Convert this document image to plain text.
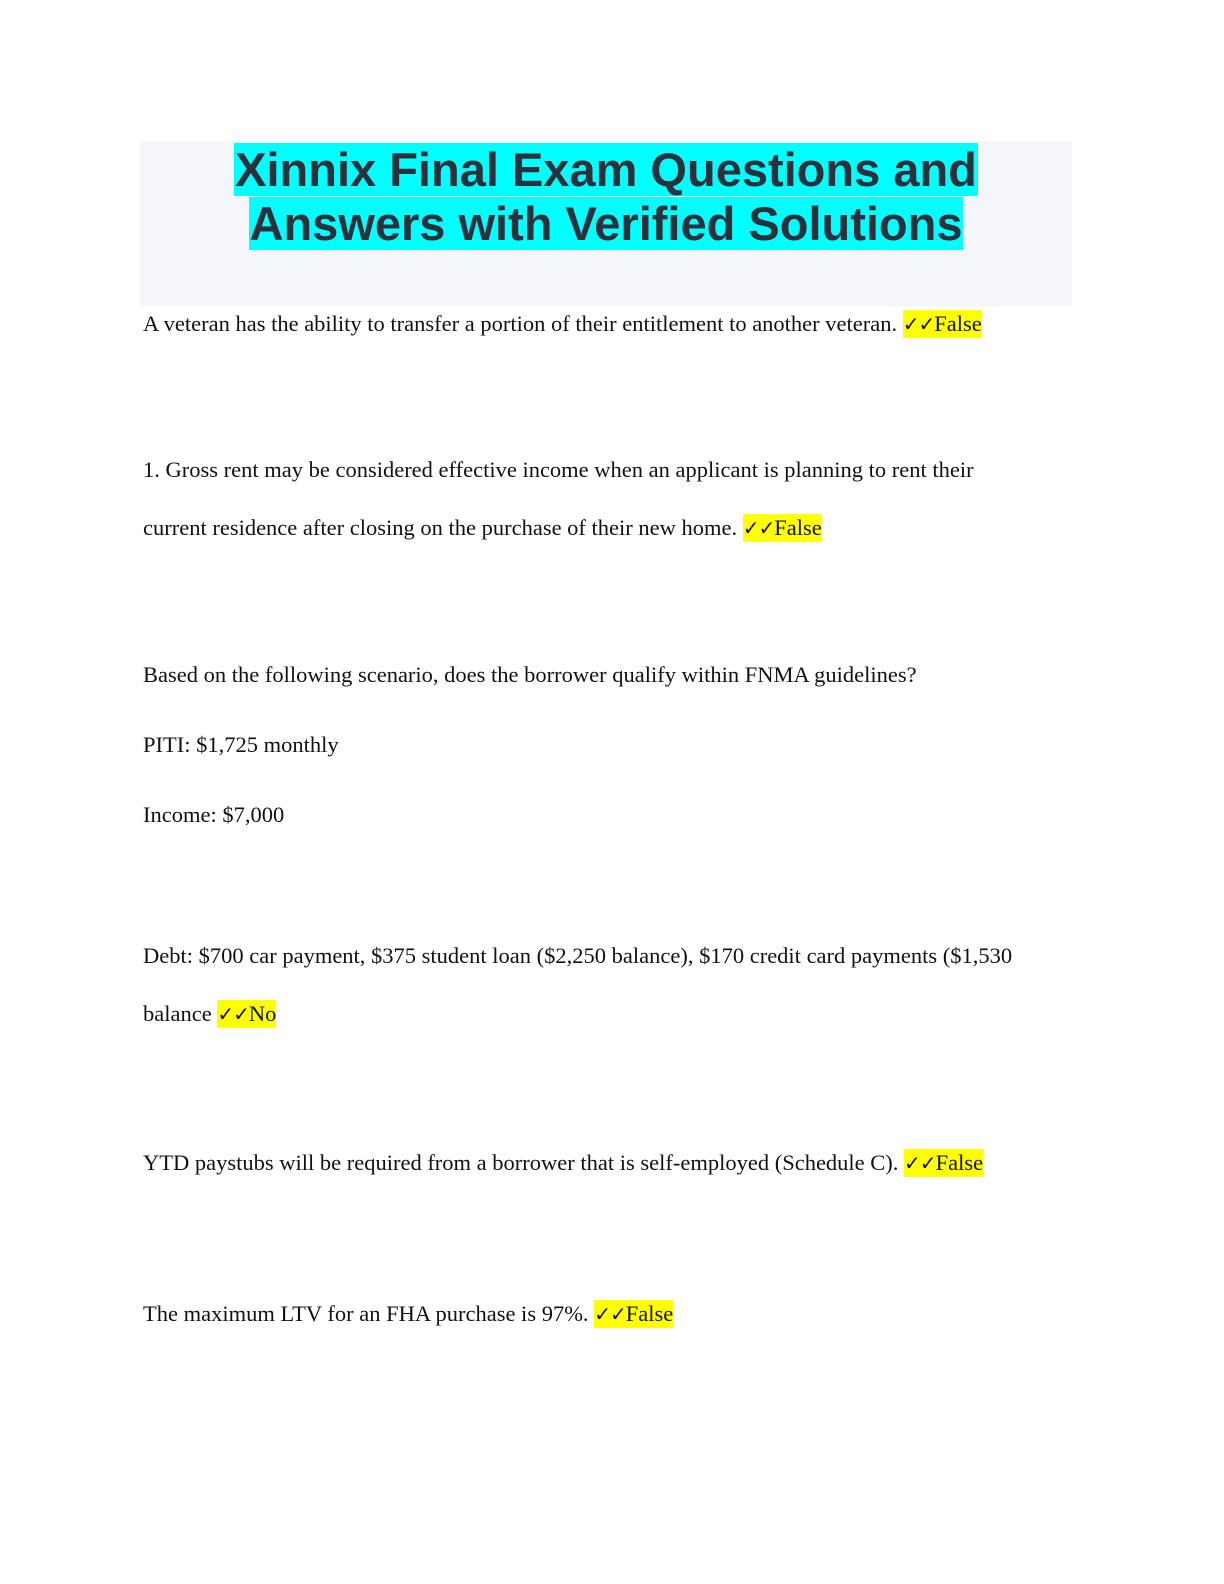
Xinnix Final Exam Questions and
Answers with Verified Solutions
A veteran has the ability to transfer a portion of their entitlement to another veteran. ✓✓False
1. Gross rent may be considered effective income when an applicant is planning to rent their
current residence after closing on the purchase of their new home. ✓✓False
Based on the following scenario, does the borrower qualify within FNMA guidelines?
PITI: $1,725 monthly
Income: $7,000
Debt: $700 car payment, $375 student loan ($2,250 balance), $170 credit card payments ($1,530
balance ✓✓No
YTD paystubs will be required from a borrower that is self-employed (Schedule C). ✓✓False
The maximum LTV for an FHA purchase is 97%. ✓✓False
